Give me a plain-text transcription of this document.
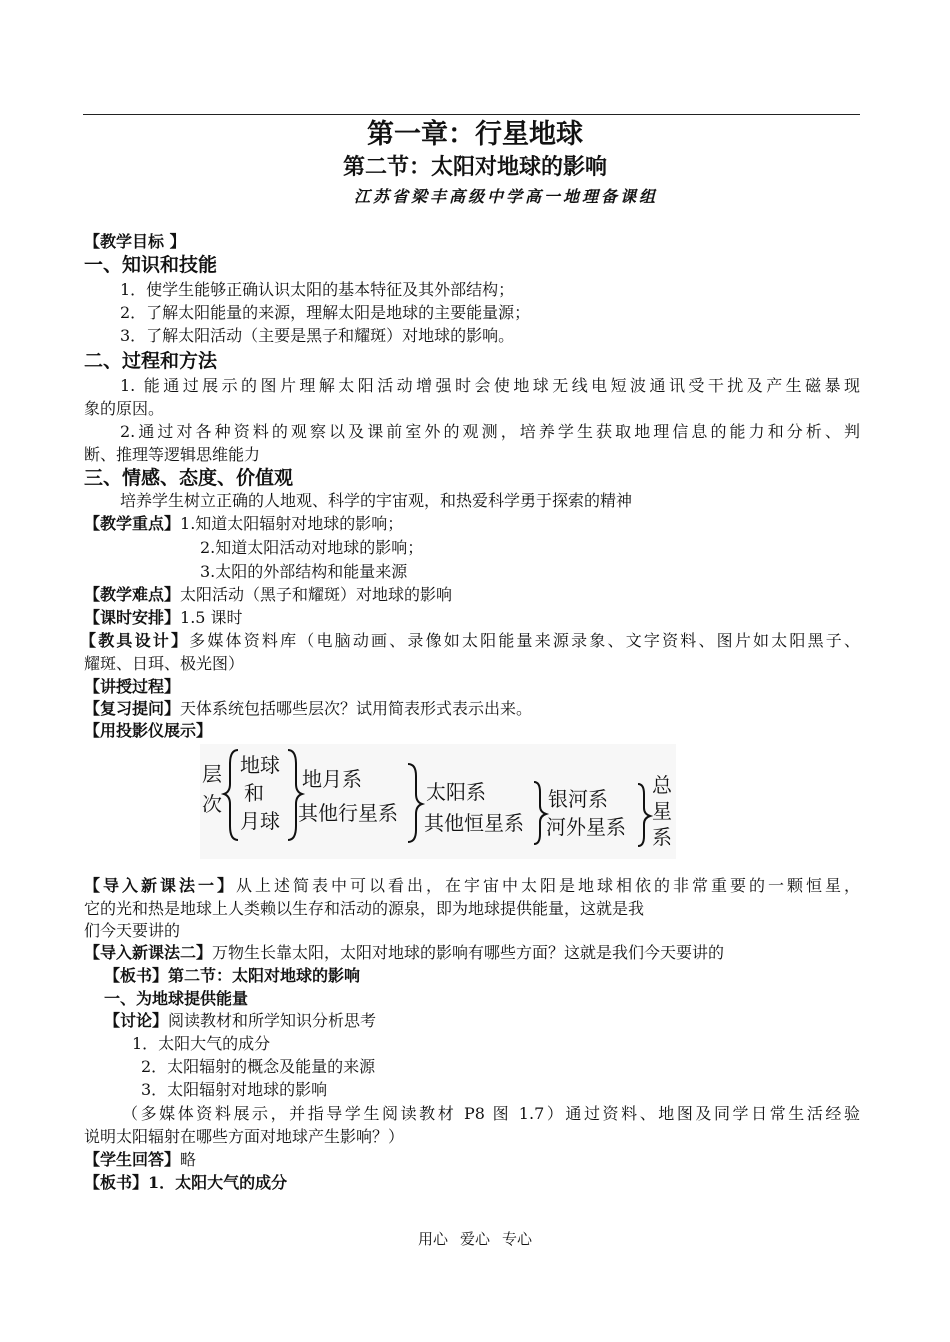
第一章：行星地球
第二节：太阳对地球的影响
江苏省梁丰高级中学高一地理备课组
【教学目标 】
一、知识和技能
1．使学生能够正确认识太阳的基本特征及其外部结构；
2．了解太阳能量的来源，理解太阳是地球的主要能量源；
3．了解太阳活动（主要是黑子和耀斑）对地球的影响。
二、过程和方法
1. 能通过展示的图片理解太阳活动增强时会使地球无线电短波通讯受干扰及产生磁暴现
象的原因。
2.通过对各种资料的观察以及课前室外的观测，培养学生获取地理信息的能力和分析、判
断、推理等逻辑思维能力
三、情感、态度、价值观
培养学生树立正确的人地观、科学的宇宙观，和热爱科学勇于探索的精神
【教学重点】1.知道太阳辐射对地球的影响；
2.知道太阳活动对地球的影响；
3.太阳的外部结构和能量来源
【教学难点】太阳活动（黑子和耀斑）对地球的影响
【课时安排】1.5 课时
【教具设计】多媒体资料库（电脑动画、录像如太阳能量来源录象、文字资料、图片如太阳黑子、
耀斑、日珥、极光图）
【讲授过程】
【复习提问】天体系统包括哪些层次？试用简表形式表示出来。
【用投影仪展示】
层
次
地球
和
月球
地月系
其他行星系
太阳系
其他恒星系
银河系
河外星系
总
星
系
【导入新课法一】从上述简表中可以看出，在宇宙中太阳是地球相依的非常重要的一颗恒星，
它的光和热是地球上人类赖以生存和活动的源泉，即为地球提供能量，这就是我
们今天要讲的
【导入新课法二】万物生长靠太阳，太阳对地球的影响有哪些方面？这就是我们今天要讲的
【板书】第二节：太阳对地球的影响
一、为地球提供能量
【讨论】阅读教材和所学知识分析思考
1．太阳大气的成分
2．太阳辐射的概念及能量的来源
3．太阳辐射对地球的影响
（多媒体资料展示，并指导学生阅读教材 P8 图 1.7）通过资料、地图及同学日常生活经验
说明太阳辐射在哪些方面对地球产生影响？）
【学生回答】略
【板书】1．太阳大气的成分
用心 爱心 专心
